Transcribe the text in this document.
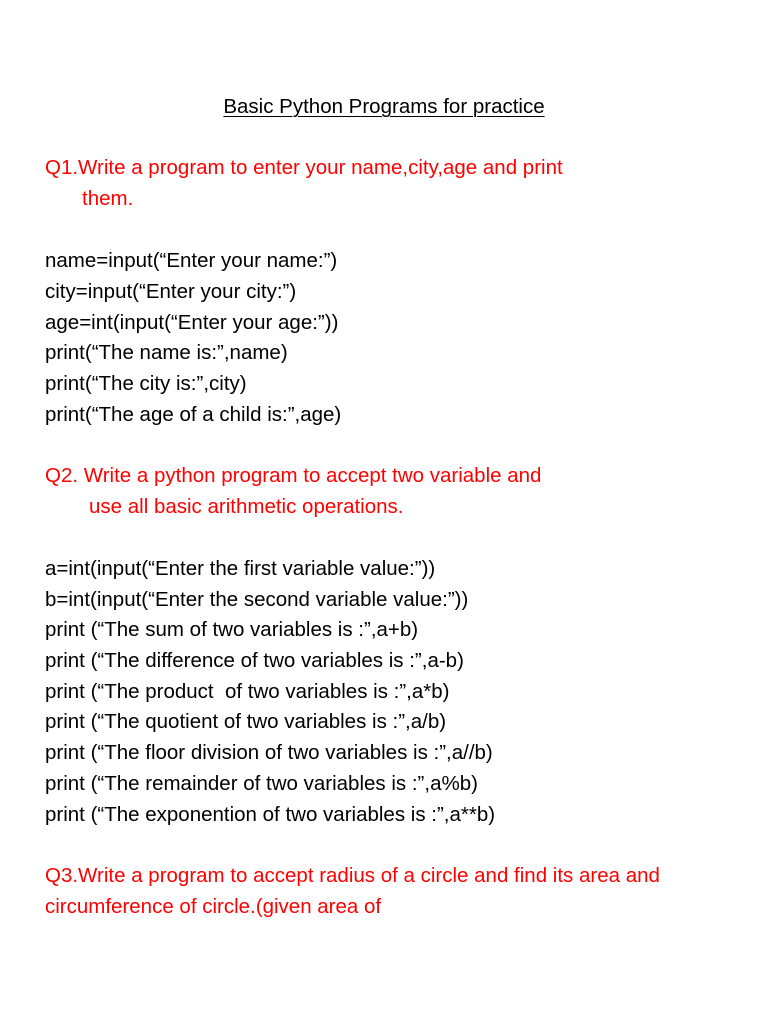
Basic Python Programs for practice

Q1.Write a program to enter your name,city,age and print

them.

name=input(“Enter your name:”)

city=input(“Enter your city:”)

age=int(input(“Enter your age:”))

print(“The name is:”,name)

print(“The city is:”,city)

print(“The age of a child is:”,age)

Q2. Write a python program to accept two variable and

use all basic arithmetic operations.

a=int(input(“Enter the first variable value:”))

b=int(input(“Enter the second variable value:”))

print (“The sum of two variables is :”,a+b)

print (“The difference of two variables is :”,a-b)

print (“The product  of two variables is :”,a*b)

print (“The quotient of two variables is :”,a/b)

print (“The floor division of two variables is :”,a//b)

print (“The remainder of two variables is :”,a%b)

print (“The exponention of two variables is :”,a**b)

Q3.Write a program to accept radius of a circle and find its area and

circumference of circle.(given area of
